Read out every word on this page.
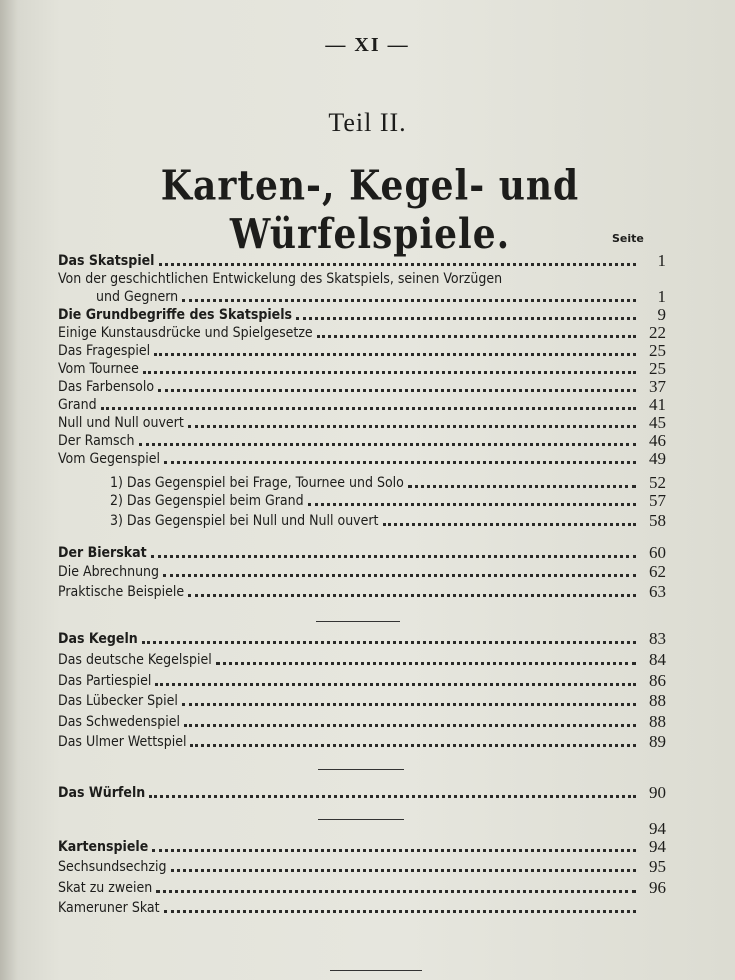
— XI —
Teil II.
Karten-, Kegel- und Würfelspiele.	Seite
Das Skatspiel	1
Von der geschichtlichen Entwickelung des Skatspiels, seinen Vorzügen
und Gegnern	1
Die Grundbegriffe des Skatspiels	9
Einige Kunstausdrücke und Spielgesetze	22
Das Fragespiel	25
Vom Tournee	25
Das Farbensolo	37
Grand	41
Null und Null ouvert	45
Der Ramsch	46
Vom Gegenspiel	49
1) Das Gegenspiel bei Frage, Tournee und Solo	52
2) Das Gegenspiel beim Grand	57
3) Das Gegenspiel bei Null und Null ouvert	58
Der Bierskat	60
Die Abrechnung	62
Praktische Beispiele	63
Das Kegeln	83
Das deutsche Kegelspiel	84
Das Partiespiel	86
Das Lübecker Spiel	88
Das Schwedenspiel	88
Das Ulmer Wettspiel	89
Das Würfeln	90
94
Kartenspiele	94
Sechsundsechzig	95
Skat zu zweien	96
Kameruner Skat
